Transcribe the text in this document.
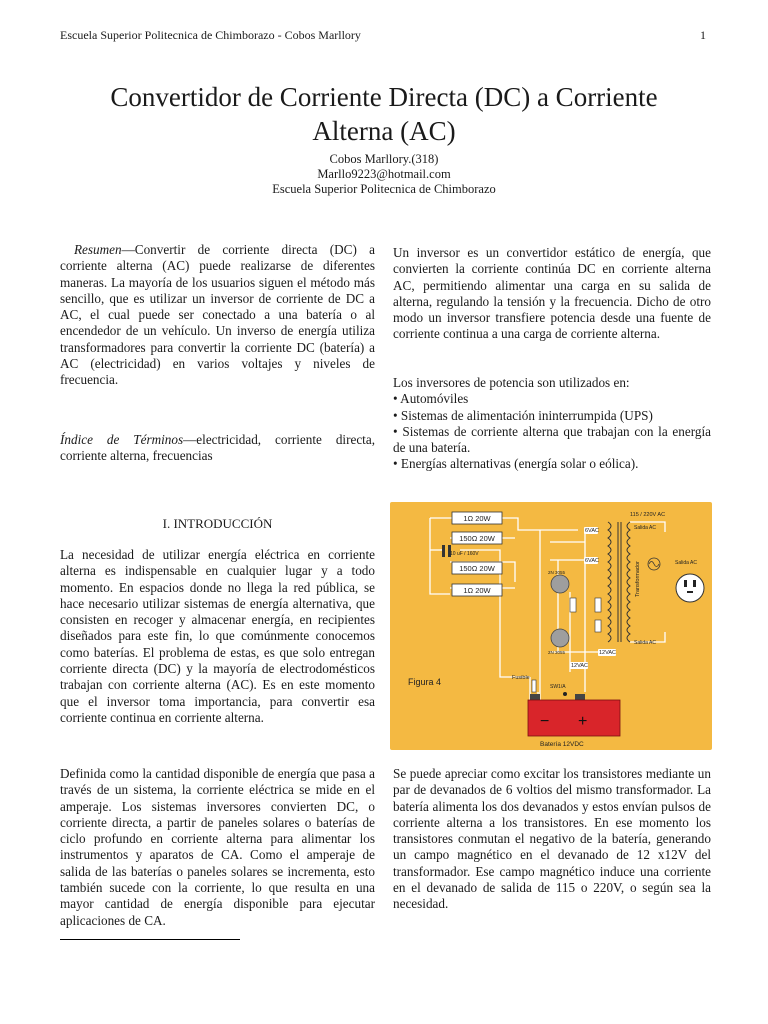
Escuela Superior Politecnica de Chimborazo - Cobos Marllory	1
Convertidor de Corriente Directa (DC) a Corriente
Alterna (AC)
Cobos Marllory.(318)
Marllo9223@hotmail.com
Escuela Superior Politecnica de Chimborazo

Resumen—Convertir de corriente directa (DC) a corriente alterna (AC) puede realizarse de diferentes maneras. La mayoría de los usuarios siguen el método más sencillo, que es utilizar un inversor de corriente de DC a AC, el cual puede ser conectado a una batería o al encendedor de un vehículo. Un inverso de energía utiliza transformadores para convertir la corriente DC (batería) a AC (electricidad) en varios voltajes y niveles de frecuencia.

Índice de Términos—electricidad, corriente directa, corriente alterna, frecuencias

I. INTRODUCCIÓN
La necesidad de utilizar energía eléctrica en corriente alterna es indispensable en cualquier lugar y a todo momento. En espacios donde no llega la red pública, se hace necesario utilizar sistemas de energía alternativa, que consisten en recoger y almacenar energía, en recipientes diseñados para este fin, lo que comúnmente conocemos como baterías. El problema de estas, es que solo entregan corriente directa (DC) y la mayoría de electrodomésticos trabajan con corriente alterna (AC). Es en este momento que el inversor toma importancia, para convertir esa corriente continua en corriente alterna.
Definida como la cantidad disponible de energía que pasa a través de un sistema, la corriente eléctrica se mide en el amperaje. Los sistemas inversores convierten DC, o corriente directa, a partir de paneles solares o baterías de ciclo profundo en corriente alterna para alimentar los instrumentos y aparatos de CA. Como el amperaje de salida de las baterías o paneles solares se incrementa, esto también sucede con la corriente, lo que resulta en una mayor cantidad de energía disponible para ejecutar aplicaciones de CA.
Un inversor es un convertidor estático de energía, que convierten la corriente continúa DC en corriente alterna AC, permitiendo alimentar una carga en su salida de alterna, regulando la tensión y la frecuencia. Dicho de otro modo un inversor transfiere potencia desde una fuente de corriente continua a una carga de corriente alterna.

Los inversores de potencia son utilizados en:

• Automóviles

• Sistemas de alimentación ininterrumpida (UPS)

• Sistemas de corriente alterna que trabajan con la energía de una batería.

• Energías alternativas (energía solar o eólica).

1Ω 20W
150Ω 20W
10 uF / 160V
150Ω 20W
1Ω 20W
2N 3055
2N 3055
6VAC
6VAC
12VAC
12VAC
Transformador
115 / 220V AC
Salida AC
Salida AC
Salida AC
Figura 4	Fusible
SW1/A
− +
Batería 12VDC
Se puede apreciar como excitar los transistores mediante un par de devanados de 6 voltios del mismo transformador. La batería alimenta los dos devanados y estos envían pulsos de corriente alterna a los transistores. En ese momento los transistores conmutan el negativo de la batería, generando un campo magnético en el devanado de 12 x12V del transformador. Ese campo magnético induce una corriente en el devanado de salida de 115 o 220V, o según sea la necesidad.
